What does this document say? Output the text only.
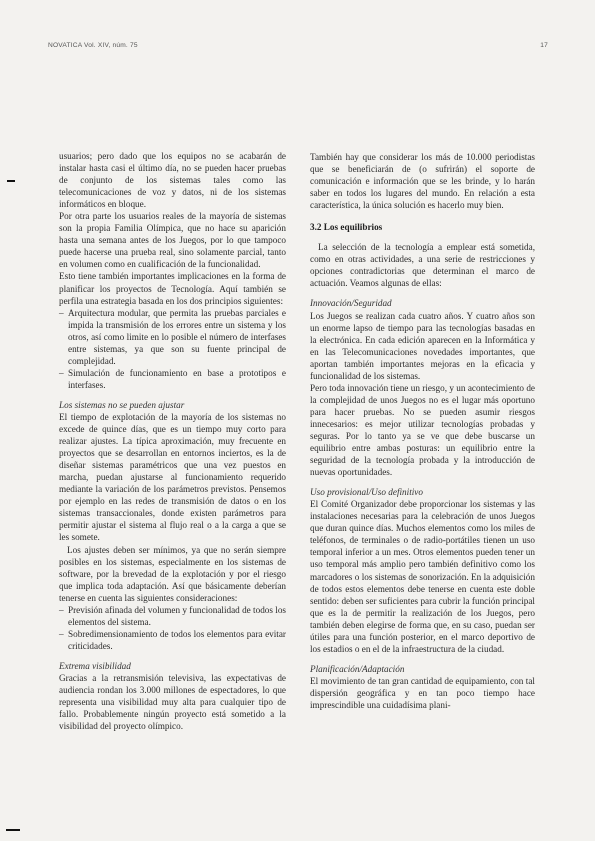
NOVATICA Vol. XIV, núm. 75	17

usuarios; pero dado que los equipos no se acabarán de instalar hasta casi el último día, no se pueden hacer pruebas de conjunto de los sistemas tales como las telecomunicaciones de voz y datos, ni de los sistemas informáticos en bloque.

Por otra parte los usuarios reales de la mayoría de sistemas son la propia Familia Olímpica, que no hace su aparición hasta una semana antes de los Juegos, por lo que tampoco puede hacerse una prueba real, sino solamente parcial, tanto en volumen como en cualificación de la funcionalidad.

Esto tiene también importantes implicaciones en la forma de planificar los proyectos de Tecnología. Aquí también se perfila una estrategia basada en los dos principios siguientes:

– Arquitectura modular, que permita las pruebas parciales e impida la transmisión de los errores entre un sistema y los otros, así como limite en lo posible el número de interfases entre sistemas, ya que son su fuente principal de complejidad.
– Simulación de funcionamiento en base a prototipos e interfases.

Los sistemas no se pueden ajustar

El tiempo de explotación de la mayoría de los sistemas no excede de quince días, que es un tiempo muy corto para realizar ajustes. La típica aproximación, muy frecuente en proyectos que se desarrollan en entornos inciertos, es la de diseñar sistemas paramétricos que una vez puestos en marcha, puedan ajustarse al funcionamiento requerido mediante la variación de los parámetros previstos. Pensemos por ejemplo en las redes de transmisión de datos o en los sistemas transaccionales, donde existen parámetros para permitir ajustar el sistema al flujo real o a la carga a que se les somete.

Los ajustes deben ser mínimos, ya que no serán siempre posibles en los sistemas, especialmente en los sistemas de software, por la brevedad de la explotación y por el riesgo que implica toda adaptación. Así que básicamente deberían tenerse en cuenta las siguientes consideraciones:

– Previsión afinada del volumen y funcionalidad de todos los elementos del sistema.
– Sobredimensionamiento de todos los elementos para evitar criticidades.

Extrema visibilidad

Gracias a la retransmisión televisiva, las expectativas de audiencia rondan los 3.000 millones de espectadores, lo que representa una visibilidad muy alta para cualquier tipo de fallo. Probablemente ningún proyecto está sometido a la visibilidad del proyecto olímpico.

También hay que considerar los más de 10.000 periodistas que se beneficiarán de (o sufrirán) el soporte de comunicación e información que se les brinde, y lo harán saber en todos los lugares del mundo. En relación a esta característica, la única solución es hacerlo muy bien.

3.2 Los equilibrios

La selección de la tecnología a emplear está sometida, como en otras actividades, a una serie de restricciones y opciones contradictorias que determinan el marco de actuación. Veamos algunas de ellas:

Innovación/Seguridad

Los Juegos se realizan cada cuatro años. Y cuatro años son un enorme lapso de tiempo para las tecnologías basadas en la electrónica. En cada edición aparecen en la Informática y en las Telecomunicaciones novedades importantes, que aportan también importantes mejoras en la eficacia y funcionalidad de los sistemas.

Pero toda innovación tiene un riesgo, y un acontecimiento de la complejidad de unos Juegos no es el lugar más oportuno para hacer pruebas. No se pueden asumir riesgos innecesarios: es mejor utilizar tecnologías probadas y seguras. Por lo tanto ya se ve que debe buscarse un equilibrio entre ambas posturas: un equilibrio entre la seguridad de la tecnología probada y la introducción de nuevas oportunidades.

Uso provisional/Uso definitivo

El Comité Organizador debe proporcionar los sistemas y las instalaciones necesarias para la celebración de unos Juegos que duran quince días. Muchos elementos como los miles de teléfonos, de terminales o de radio-portátiles tienen un uso temporal inferior a un mes. Otros elementos pueden tener un uso temporal más amplio pero también definitivo como los marcadores o los sistemas de sonorización. En la adquisición de todos estos elementos debe tenerse en cuenta este doble sentido: deben ser suficientes para cubrir la función principal que es la de permitir la realización de los Juegos, pero también deben elegirse de forma que, en su caso, puedan ser útiles para una función posterior, en el marco deportivo de los estadios o en el de la infraestructura de la ciudad.

Planificación/Adaptación

El movimiento de tan gran cantidad de equipamiento, con tal dispersión geográfica y en tan poco tiempo hace imprescindible una cuidadísima plani-
